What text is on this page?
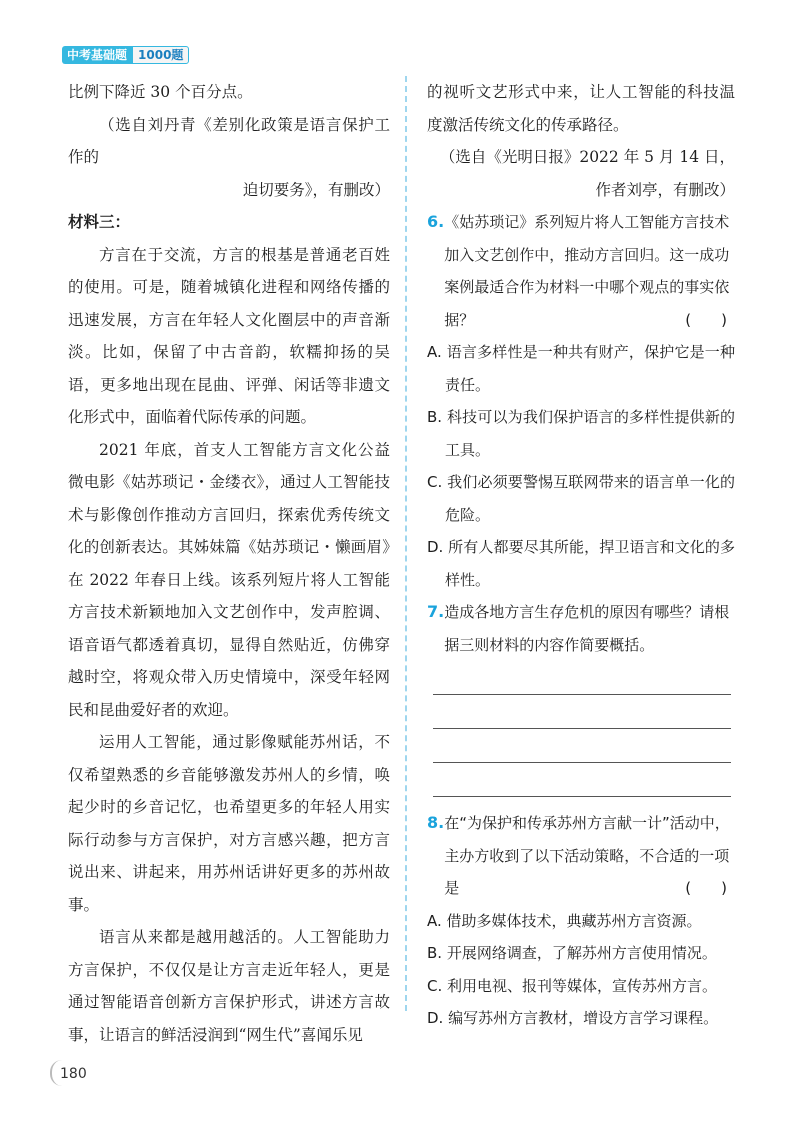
中考基础题 1000题

比例下降近 30 个百分点。

（选自刘丹青《差别化政策是语言保护工作的

迫切要务》，有删改）

材料三：

方言在于交流，方言的根基是普通老百姓的使用。可是，随着城镇化进程和网络传播的迅速发展，方言在年轻人文化圈层中的声音渐淡。比如，保留了中古音韵，软糯抑扬的吴语，更多地出现在昆曲、评弹、闲话等非遗文化形式中，面临着代际传承的问题。

2021 年底，首支人工智能方言文化公益微电影《姑苏琐记・金缕衣》，通过人工智能技术与影像创作推动方言回归，探索优秀传统文化的创新表达。其姊妹篇《姑苏琐记・懒画眉》在 2022 年春日上线。该系列短片将人工智能方言技术新颖地加入文艺创作中，发声腔调、语音语气都透着真切，显得自然贴近，仿佛穿越时空，将观众带入历史情境中，深受年轻网民和昆曲爱好者的欢迎。

运用人工智能，通过影像赋能苏州话，不仅希望熟悉的乡音能够激发苏州人的乡情，唤起少时的乡音记忆，也希望更多的年轻人用实际行动参与方言保护，对方言感兴趣，把方言说出来、讲起来，用苏州话讲好更多的苏州故事。

语言从来都是越用越活的。人工智能助力方言保护，不仅仅是让方言走近年轻人，更是通过智能语音创新方言保护形式，讲述方言故事，让语言的鲜活浸润到“网生代”喜闻乐见

的视听文艺形式中来，让人工智能的科技温度激活传统文化的传承路径。

（选自《光明日报》2022 年 5 月 14 日，

作者刘亭，有删改）

6. 《姑苏琐记》系列短片将人工智能方言技术加入文艺创作中，推动方言回归。这一成功案例最适合作为材料一中哪个观点的事实依据？	(　　)

A. 语言多样性是一种共有财产，保护它是一种责任。

B. 科技可以为我们保护语言的多样性提供新的工具。

C. 我们必须要警惕互联网带来的语言单一化的危险。

D. 所有人都要尽其所能，捍卫语言和文化的多样性。

7. 造成各地方言生存危机的原因有哪些？请根据三则材料的内容作简要概括。
8. 在“为保护和传承苏州方言献一计”活动中，主办方收到了以下活动策略，不合适的一项是	(　　)

A. 借助多媒体技术，典藏苏州方言资源。

B. 开展网络调查，了解苏州方言使用情况。

C. 利用电视、报刊等媒体，宣传苏州方言。

D. 编写苏州方言教材，增设方言学习课程。

180
